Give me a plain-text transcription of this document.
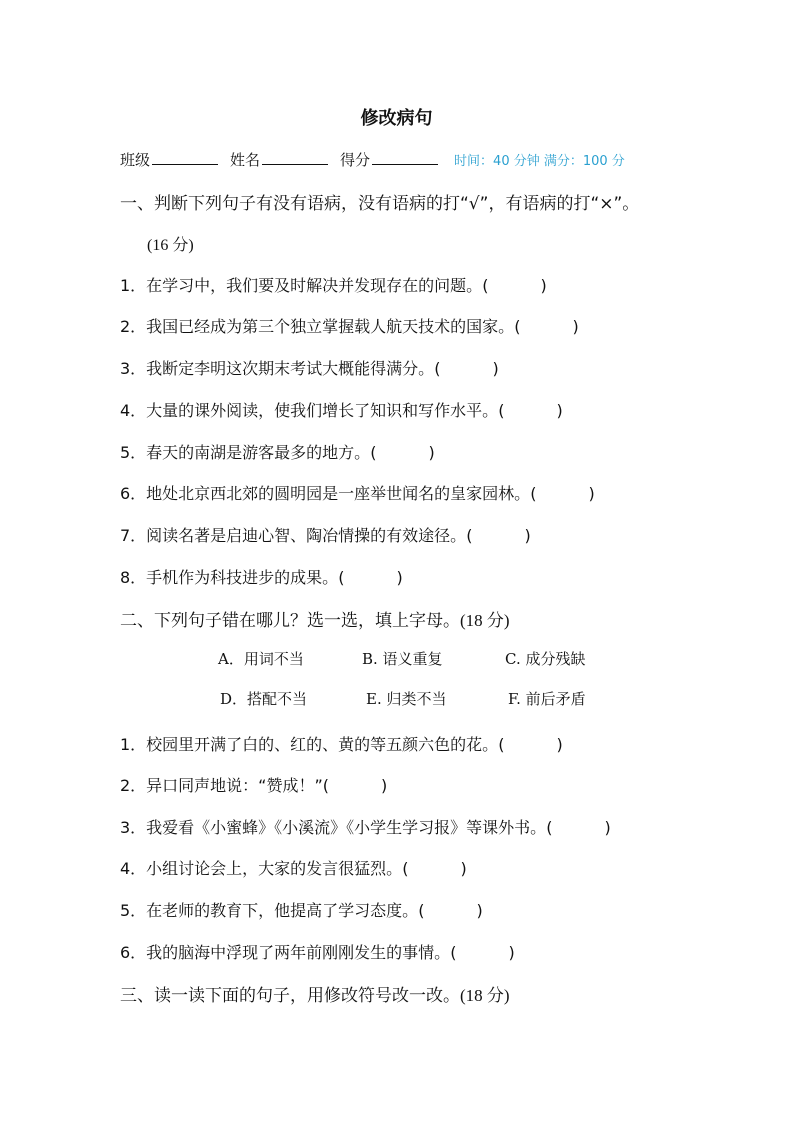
修改病句
班级	姓名	得分	时间：40 分钟 满分：100 分
一、判断下列句子有没有语病，没有语病的打“√”，有语病的打“×”。
(16 分)
1．在学习中，我们要及时解决并发现存在的问题。(	)
2．我国已经成为第三个独立掌握载人航天技术的国家。(	)
3．我断定李明这次期末考试大概能得满分。(	)
4．大量的课外阅读，使我们增长了知识和写作水平。(	)
5．春天的南湖是游客最多的地方。(	)
6．地处北京西北郊的圆明园是一座举世闻名的皇家园林。(	)
7．阅读名著是启迪心智、陶冶情操的有效途径。(	)
8．手机作为科技进步的成果。(	)
二、下列句子错在哪儿？选一选，填上字母。(18 分)
A．用词不当	B. 语义重复	C. 成分残缺
D．搭配不当	E. 归类不当	F. 前后矛盾
1．校园里开满了白的、红的、黄的等五颜六色的花。(	)
2．异口同声地说：“赞成！”(	)
3．我爱看《小蜜蜂》《小溪流》《小学生学习报》等课外书。(	)
4．小组讨论会上，大家的发言很猛烈。(	)
5．在老师的教育下，他提高了学习态度。(	)
6．我的脑海中浮现了两年前刚刚发生的事情。(	)
三、读一读下面的句子，用修改符号改一改。(18 分)
